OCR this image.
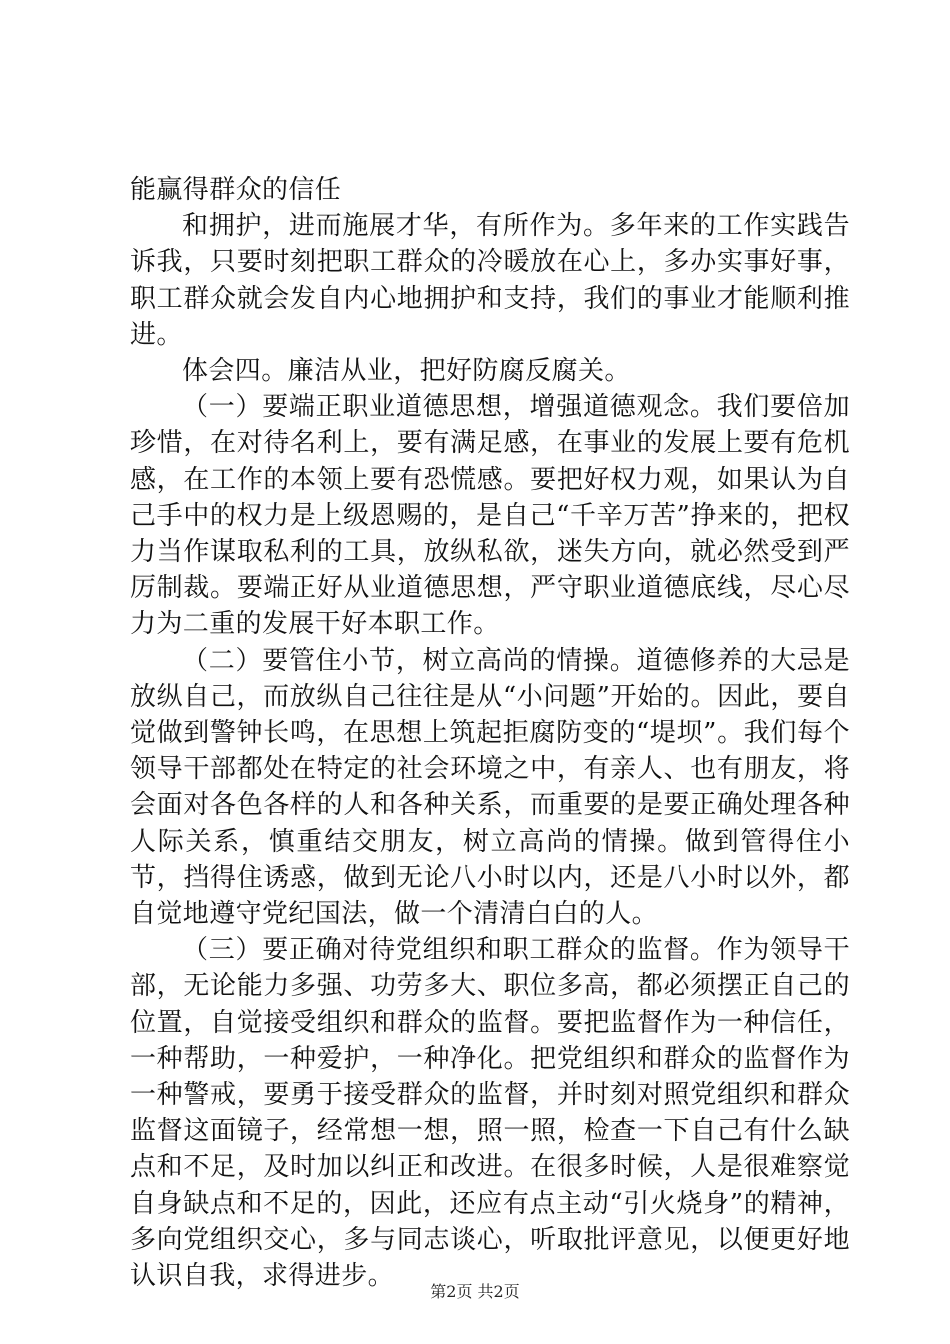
能赢得群众的信任

和拥护，进而施展才华，有所作为。多年来的工作实践告诉我，只要时刻把职工群众的冷暖放在心上，多办实事好事，职工群众就会发自内心地拥护和支持，我们的事业才能顺利推进。

体会四。廉洁从业，把好防腐反腐关。

（一）要端正职业道德思想，增强道德观念。我们要倍加珍惜，在对待名利上，要有满足感，在事业的发展上要有危机感，在工作的本领上要有恐慌感。要把好权力观，如果认为自己手中的权力是上级恩赐的，是自己“千辛万苦”挣来的，把权力当作谋取私利的工具，放纵私欲，迷失方向，就必然受到严厉制裁。要端正好从业道德思想，严守职业道德底线，尽心尽力为二重的发展干好本职工作。

（二）要管住小节，树立高尚的情操。道德修养的大忌是放纵自己，而放纵自己往往是从“小问题”开始的。因此，要自觉做到警钟长鸣，在思想上筑起拒腐防变的“堤坝”。我们每个领导干部都处在特定的社会环境之中，有亲人、也有朋友，将会面对各色各样的人和各种关系，而重要的是要正确处理各种人际关系，慎重结交朋友，树立高尚的情操。做到管得住小节，挡得住诱惑，做到无论八小时以内，还是八小时以外，都自觉地遵守党纪国法，做一个清清白白的人。

（三）要正确对待党组织和职工群众的监督。作为领导干部，无论能力多强、功劳多大、职位多高，都必须摆正自己的位置，自觉接受组织和群众的监督。要把监督作为一种信任，一种帮助，一种爱护，一种净化。把党组织和群众的监督作为一种警戒，要勇于接受群众的监督，并时刻对照党组织和群众监督这面镜子，经常想一想，照一照，检查一下自己有什么缺点和不足，及时加以纠正和改进。在很多时候，人是很难察觉自身缺点和不足的，因此，还应有点主动“引火烧身”的精神，多向党组织交心，多与同志谈心，听取批评意见，以便更好地认识自我，求得进步。

第2页 共2页
